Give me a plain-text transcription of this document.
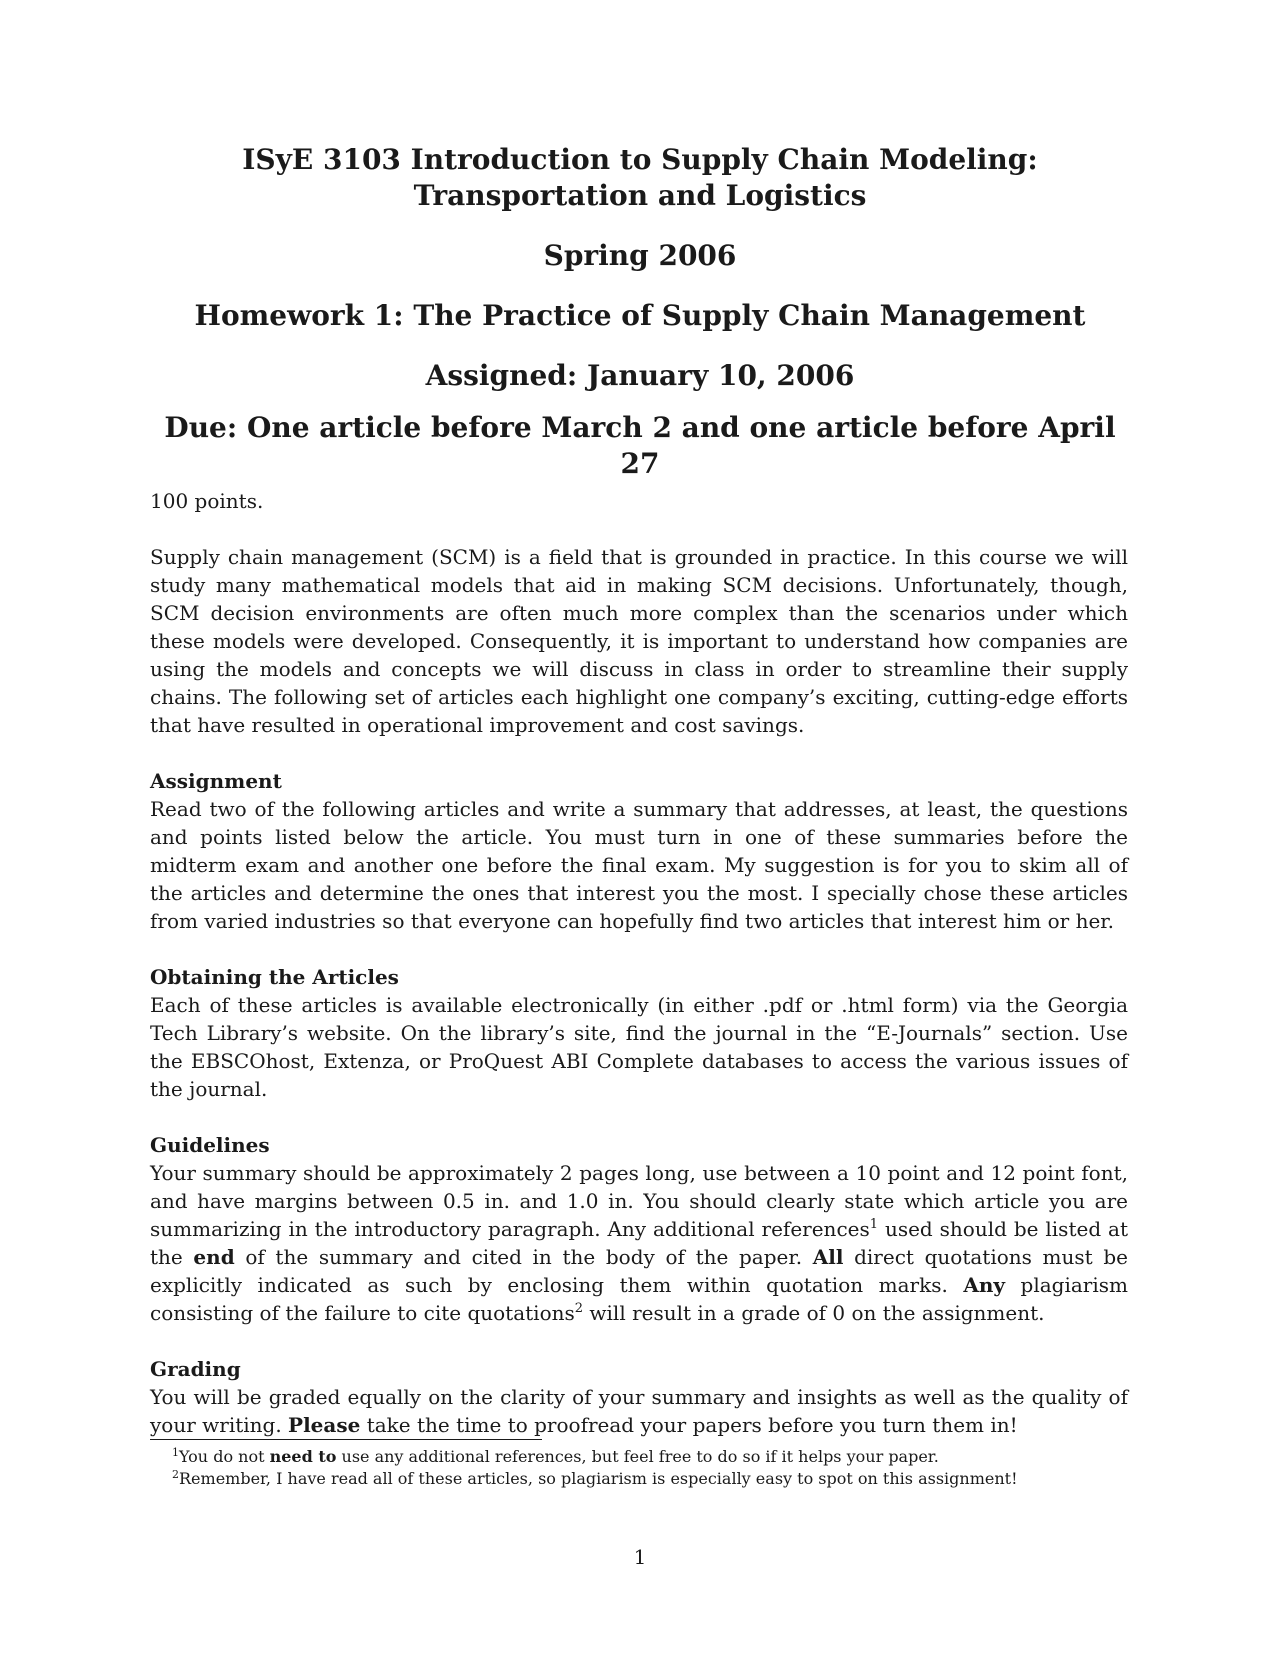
ISyE 3103 Introduction to Supply Chain Modeling:
Transportation and Logistics
Spring 2006
Homework 1: The Practice of Supply Chain Management
Assigned: January 10, 2006
Due: One article before March 2 and one article before April 27

100 points.

Supply chain management (SCM) is a field that is grounded in practice. In this course we will study many mathematical models that aid in making SCM decisions. Unfortunately, though, SCM decision environments are often much more complex than the scenarios under which these models were developed. Consequently, it is important to understand how companies are using the models and concepts we will discuss in class in order to streamline their supply chains. The following set of articles each highlight one company’s exciting, cutting-edge efforts that have resulted in operational improvement and cost savings.

Assignment

Read two of the following articles and write a summary that addresses, at least, the questions and points listed below the article. You must turn in one of these summaries before the midterm exam and another one before the final exam. My suggestion is for you to skim all of the articles and determine the ones that interest you the most. I specially chose these articles from varied industries so that everyone can hopefully find two articles that interest him or her.

Obtaining the Articles

Each of these articles is available electronically (in either .pdf or .html form) via the Georgia Tech Library’s website. On the library’s site, find the journal in the “E-Journals” section. Use the EBSCOhost, Extenza, or ProQuest ABI Complete databases to access the various issues of the journal.

Guidelines

Your summary should be approximately 2 pages long, use between a 10 point and 12 point font, and have margins between 0.5 in. and 1.0 in. You should clearly state which article you are summarizing in the introductory paragraph. Any additional references$^1$ used should be listed at the end of the summary and cited in the body of the paper. All direct quotations must be explicitly indicated as such by enclosing them within quotation marks. Any plagiarism consisting of the failure to cite quotations$^2$ will result in a grade of 0 on the assignment.

Grading

You will be graded equally on the clarity of your summary and insights as well as the quality of your writing. Please take the time to proofread your papers before you turn them in!

$^1$You do not need to use any additional references, but feel free to do so if it helps your paper.
$^2$Remember, I have read all of these articles, so plagiarism is especially easy to spot on this assignment!
1
